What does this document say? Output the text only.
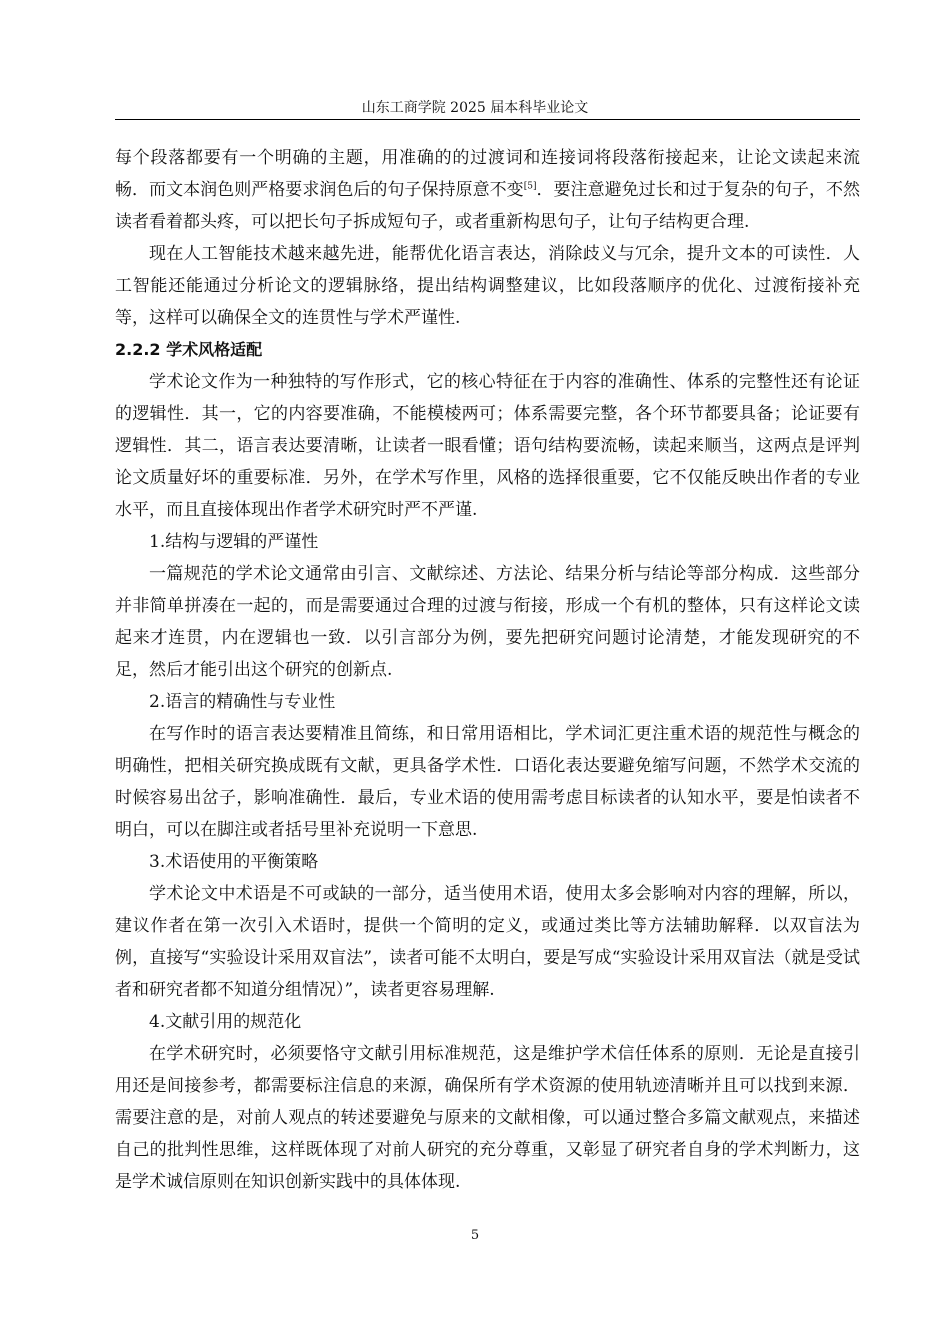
山东工商学院 2025 届本科毕业论文

每个段落都要有一个明确的主题，用准确的的过渡词和连接词将段落衔接起来，让论文读起来流畅．而文本润色则严格要求润色后的句子保持原意不变[5]．要注意避免过长和过于复杂的句子，不然读者看着都头疼，可以把长句子拆成短句子，或者重新构思句子，让句子结构更合理.

现在人工智能技术越来越先进，能帮优化语言表达，消除歧义与冗余，提升文本的可读性．人工智能还能通过分析论文的逻辑脉络，提出结构调整建议，比如段落顺序的优化、过渡衔接补充等，这样可以确保全文的连贯性与学术严谨性.

2.2.2 学术风格适配

学术论文作为一种独特的写作形式，它的核心特征在于内容的准确性、体系的完整性还有论证的逻辑性．其一，它的内容要准确，不能模棱两可；体系需要完整，各个环节都要具备；论证要有逻辑性．其二，语言表达要清晰，让读者一眼看懂；语句结构要流畅，读起来顺当，这两点是评判论文质量好坏的重要标准．另外，在学术写作里，风格的选择很重要，它不仅能反映出作者的专业水平，而且直接体现出作者学术研究时严不严谨.

1.结构与逻辑的严谨性

一篇规范的学术论文通常由引言、文献综述、方法论、结果分析与结论等部分构成．这些部分并非简单拼凑在一起的，而是需要通过合理的过渡与衔接，形成一个有机的整体，只有这样论文读起来才连贯，内在逻辑也一致．以引言部分为例，要先把研究问题讨论清楚，才能发现研究的不足，然后才能引出这个研究的创新点.

2.语言的精确性与专业性

在写作时的语言表达要精准且简练，和日常用语相比，学术词汇更注重术语的规范性与概念的明确性，把相关研究换成既有文献，更具备学术性．口语化表达要避免缩写问题，不然学术交流的时候容易出岔子，影响准确性．最后，专业术语的使用需考虑目标读者的认知水平，要是怕读者不明白，可以在脚注或者括号里补充说明一下意思.

3.术语使用的平衡策略

学术论文中术语是不可或缺的一部分，适当使用术语，使用太多会影响对内容的理解，所以，建议作者在第一次引入术语时，提供一个简明的定义，或通过类比等方法辅助解释．以双盲法为例，直接写“实验设计采用双盲法”，读者可能不太明白，要是写成“实验设计采用双盲法（就是受试者和研究者都不知道分组情况）”，读者更容易理解.

4.文献引用的规范化

在学术研究时，必须要恪守文献引用标准规范，这是维护学术信任体系的原则．无论是直接引用还是间接参考，都需要标注信息的来源，确保所有学术资源的使用轨迹清晰并且可以找到来源．需要注意的是，对前人观点的转述要避免与原来的文献相像，可以通过整合多篇文献观点，来描述自己的批判性思维，这样既体现了对前人研究的充分尊重，又彰显了研究者自身的学术判断力，这是学术诚信原则在知识创新实践中的具体体现.

5
